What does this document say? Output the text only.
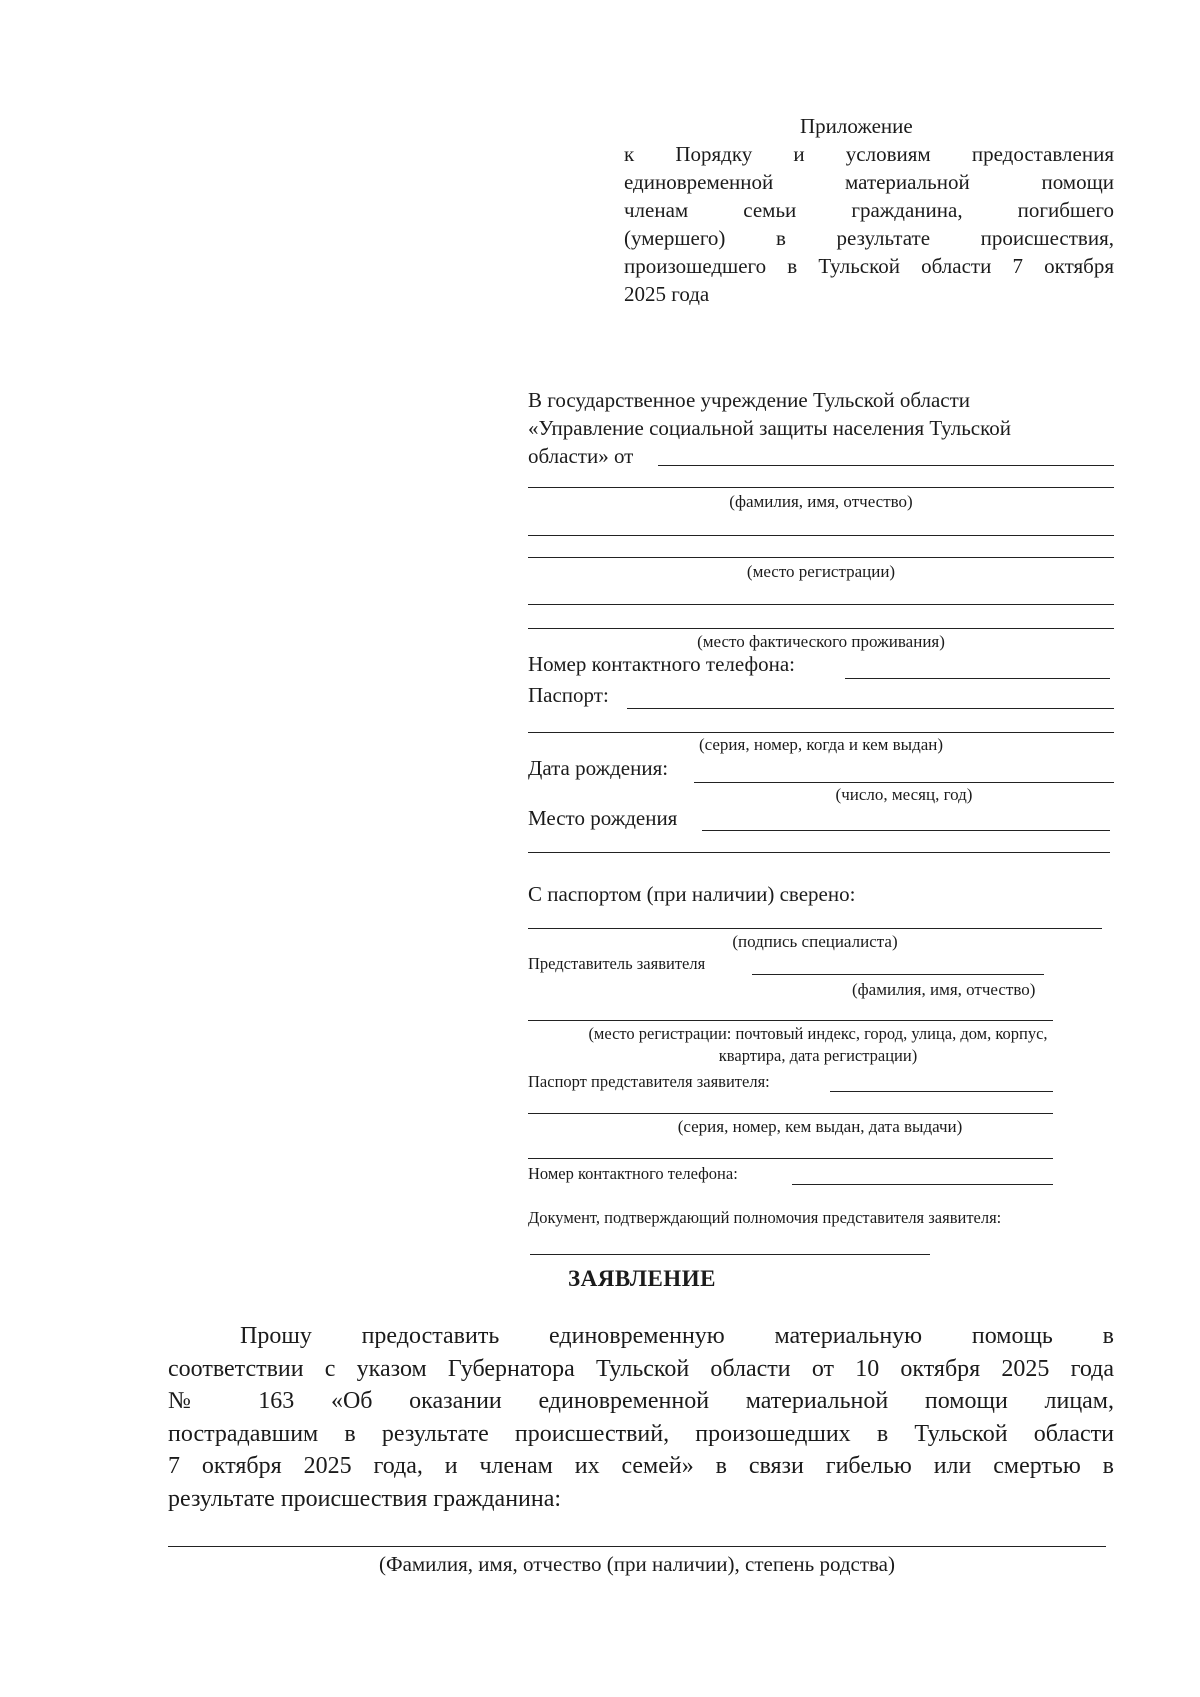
Приложение
к Порядку и условиям предоставления
единовременной материальной помощи
членам семьи гражданина, погибшего
(умершего) в результате происшествия,
произошедшего в Тульской области 7 октября
2025 года
В государственное учреждение Тульской области
«Управление социальной защиты населения Тульской
области» от
(фамилия, имя, отчество)
(место регистрации)
(место фактического проживания)
Номер контактного телефона:
Паспорт:
(серия, номер, когда и кем выдан)
Дата рождения:
(число, месяц, год)
Место рождения
С паспортом (при наличии) сверено:
(подпись специалиста)
Представитель заявителя
(фамилия, имя, отчество)
(место регистрации: почтовый индекс, город, улица, дом, корпус,
квартира, дата регистрации)
Паспорт представителя заявителя:
(серия, номер, кем выдан, дата выдачи)
Номер контактного телефона:
Документ, подтверждающий полномочия представителя заявителя:
ЗАЯВЛЕНИЕ
Прошу предоставить единовременную материальную помощь в
соответствии с указом Губернатора Тульской области от 10 октября 2025 года
№ 163 «Об оказании единовременной материальной помощи лицам,
пострадавшим в результате происшествий, произошедших в Тульской области
7 октября 2025 года, и членам их семей» в связи гибелью или смертью в
результате происшествия гражданина:
(Фамилия, имя, отчество (при наличии), степень родства)
